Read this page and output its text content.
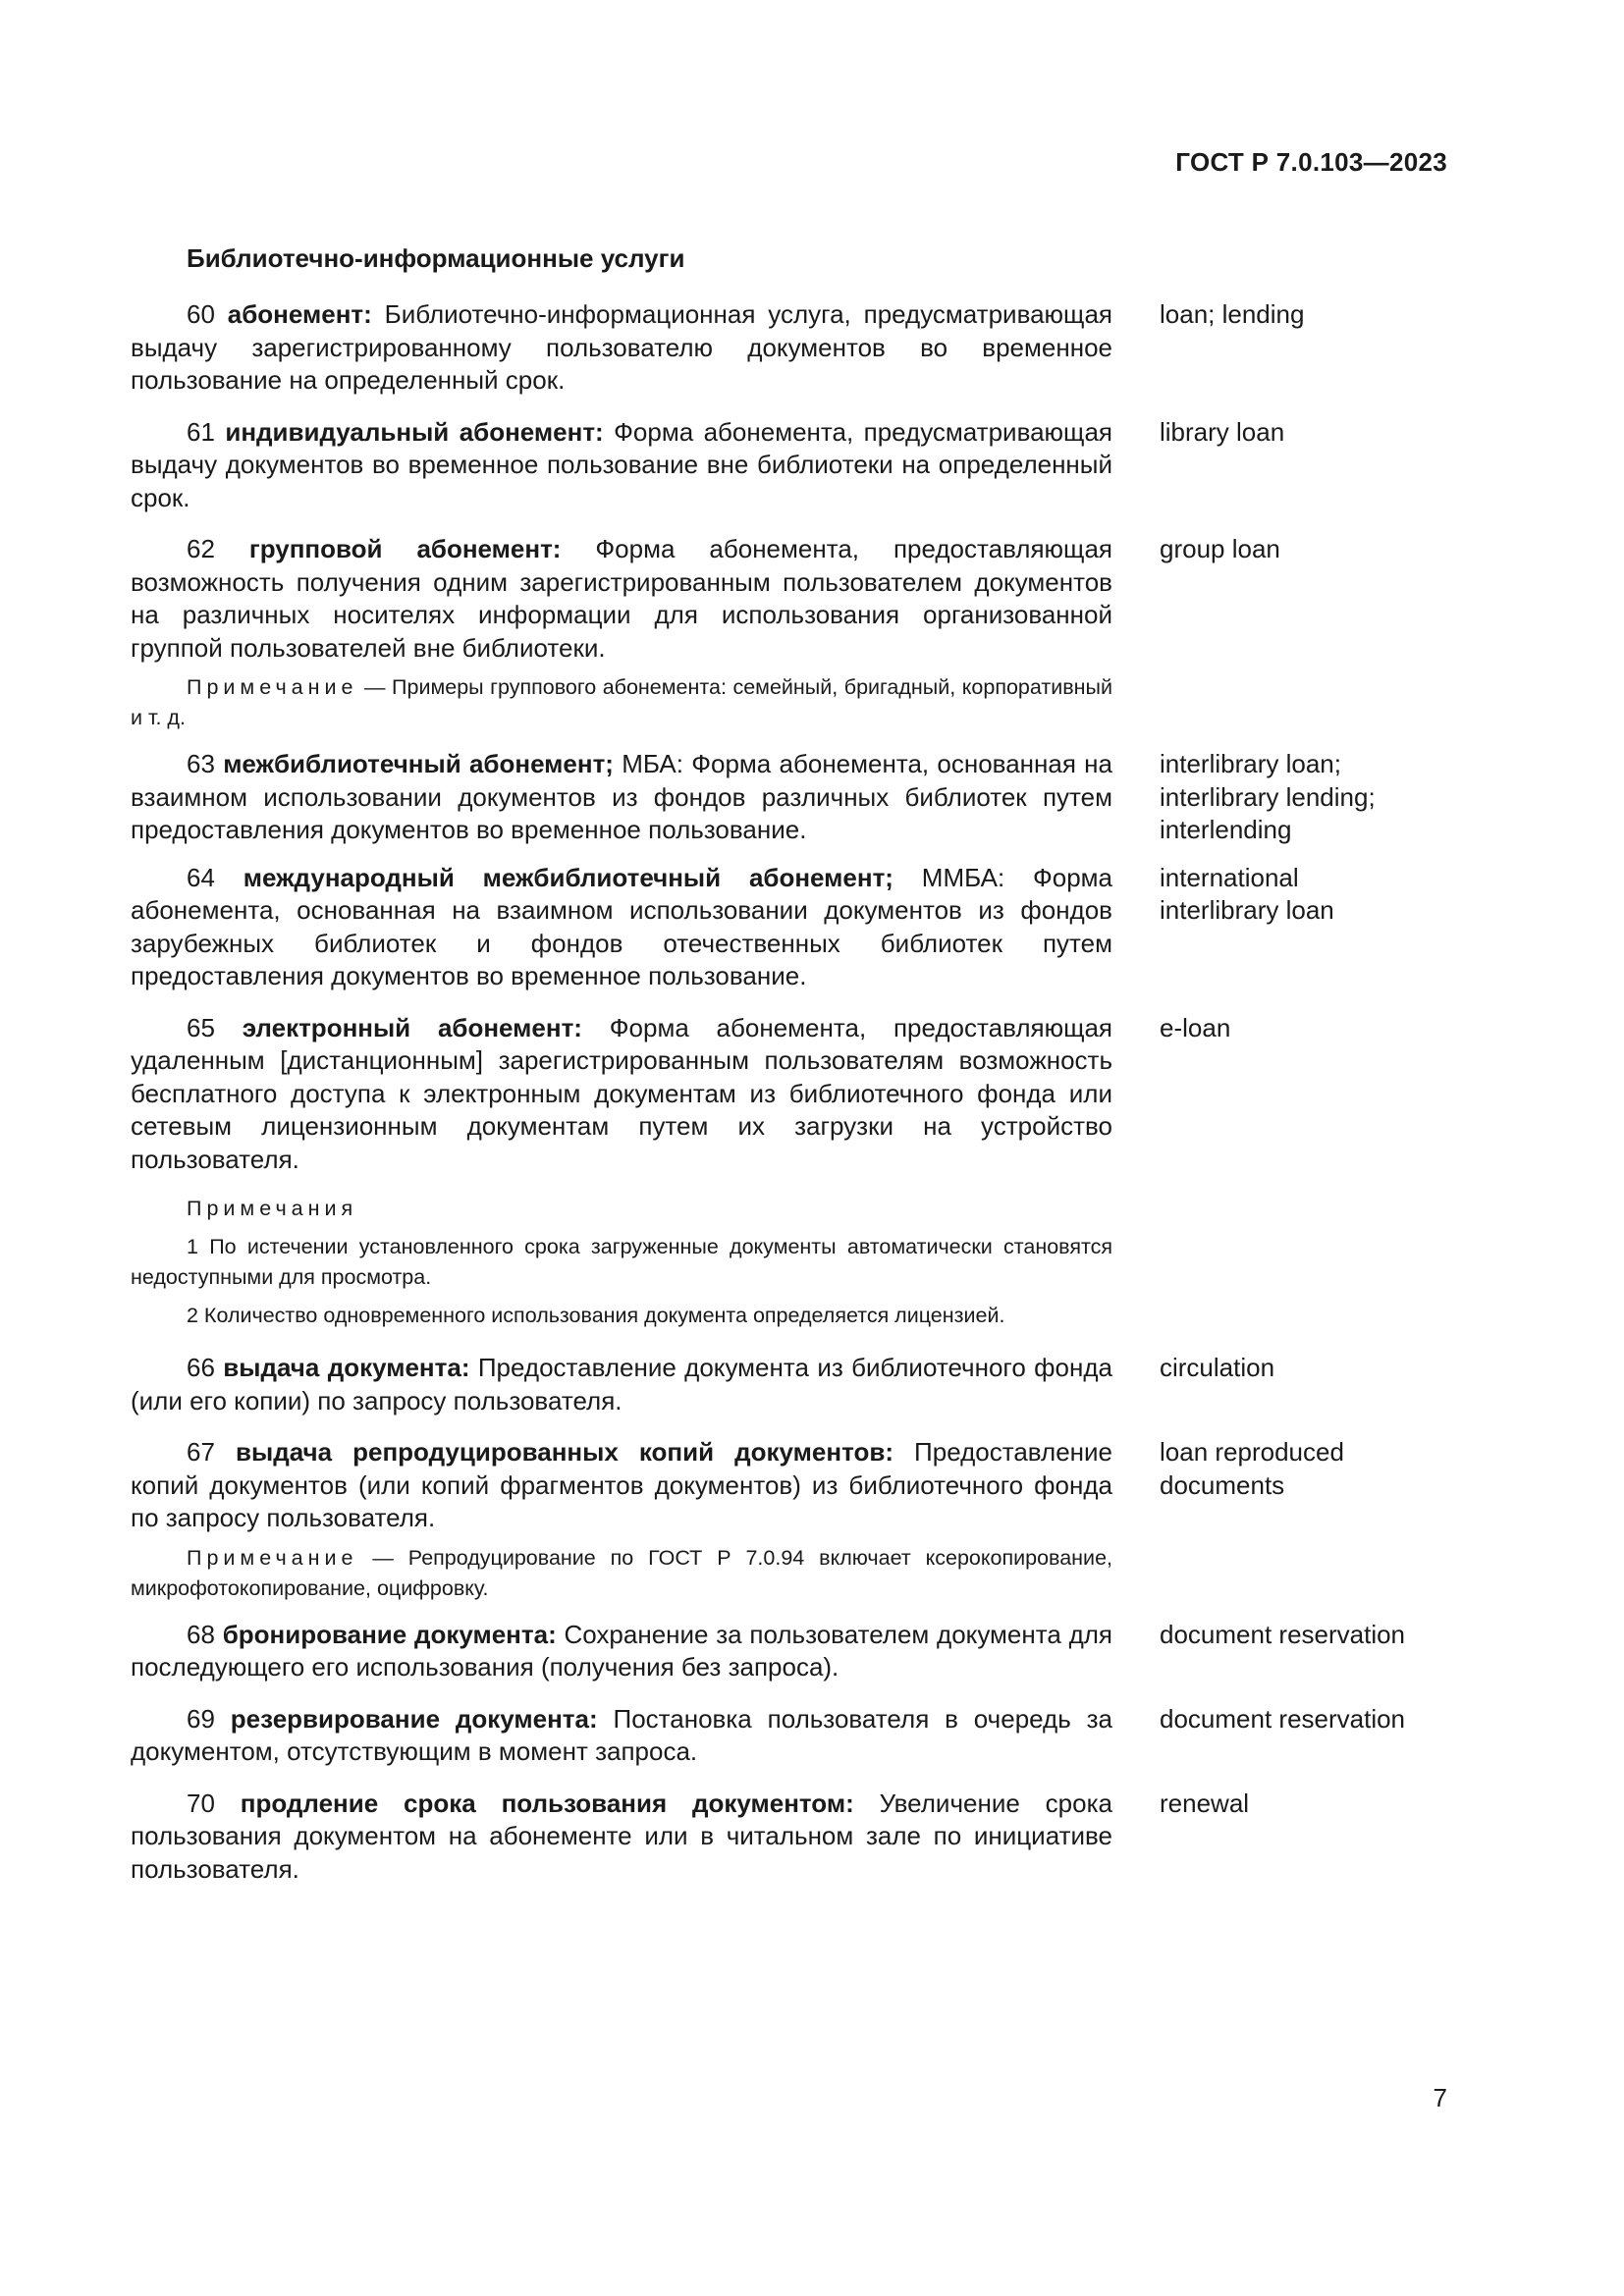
ГОСТ Р 7.0.103—2023
Библиотечно-информационные услуги

60 абонемент: Библиотечно-информационная услуга, предусматривающая выдачу зарегистрированному пользователю документов во временное пользование на определенный срок.

loan; lending

61 индивидуальный абонемент: Форма абонемента, предусматривающая выдачу документов во временное пользование вне библиотеки на определенный срок.

library loan

62 групповой абонемент: Форма абонемента, предоставляющая возможность получения одним зарегистрированным пользователем документов на различных носителях информации для использования организованной группой пользователей вне библиотеки.

Примечание — Примеры группового абонемента: семейный, бригадный, корпоративный и т. д.

group loan

63 межбиблиотечный абонемент; МБА: Форма абонемента, основанная на взаимном использовании документов из фондов различных библиотек путем предоставления документов во временное пользование.

interlibrary loan;
interlibrary lending;
interlending

64 международный межбиблиотечный абонемент; ММБА: Форма абонемента, основанная на взаимном использовании документов из фондов зарубежных библиотек и фондов отечественных библиотек путем предоставления документов во временное пользование.

international
interlibrary loan

65 электронный абонемент: Форма абонемента, предоставляющая удаленным [дистанционным] зарегистрированным пользователям возможность бесплатного доступа к электронным документам из библиотечного фонда или сетевым лицензионным документам путем их загрузки на устройство пользователя.

Примечания

1 По истечении установленного срока загруженные документы автоматически становятся недоступными для просмотра.

2 Количество одновременного использования документа определяется лицензией.

e-loan

66 выдача документа: Предоставление документа из библиотечного фонда (или его копии) по запросу пользователя.

circulation

67 выдача репродуцированных копий документов: Предоставление копий документов (или копий фрагментов документов) из библиотечного фонда по запросу пользователя.

Примечание — Репродуцирование по ГОСТ Р 7.0.94 включает ксерокопирование, микрофотокопирование, оцифровку.

loan reproduced
documents

68 бронирование документа: Сохранение за пользователем документа для последующего его использования (получения без запроса).

document reservation

69 резервирование документа: Постановка пользователя в очередь за документом, отсутствующим в момент запроса.

document reservation

70 продление срока пользования документом: Увеличение срока пользования документом на абонементе или в читальном зале по инициативе пользователя.

renewal
7
